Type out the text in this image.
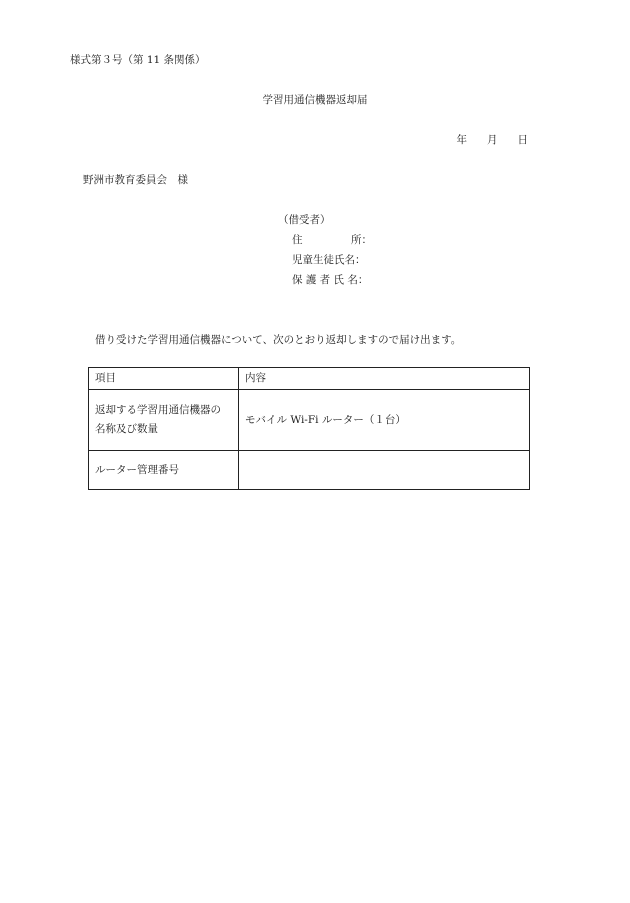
様式第３号（第 11 条関係）
学習用通信機器返却届
年 月 日
野洲市教育委員会　様
（借受者）
住	所：
児童生徒氏名：
保 護 者 氏 名：
借り受けた学習用通信機器について、次のとおり返却しますので届け出ます。
項目	内容

返却する学習用通信機器の
名称及び数量	モバイル Wi-Fi ルーター（１台）
ルーター管理番号	
